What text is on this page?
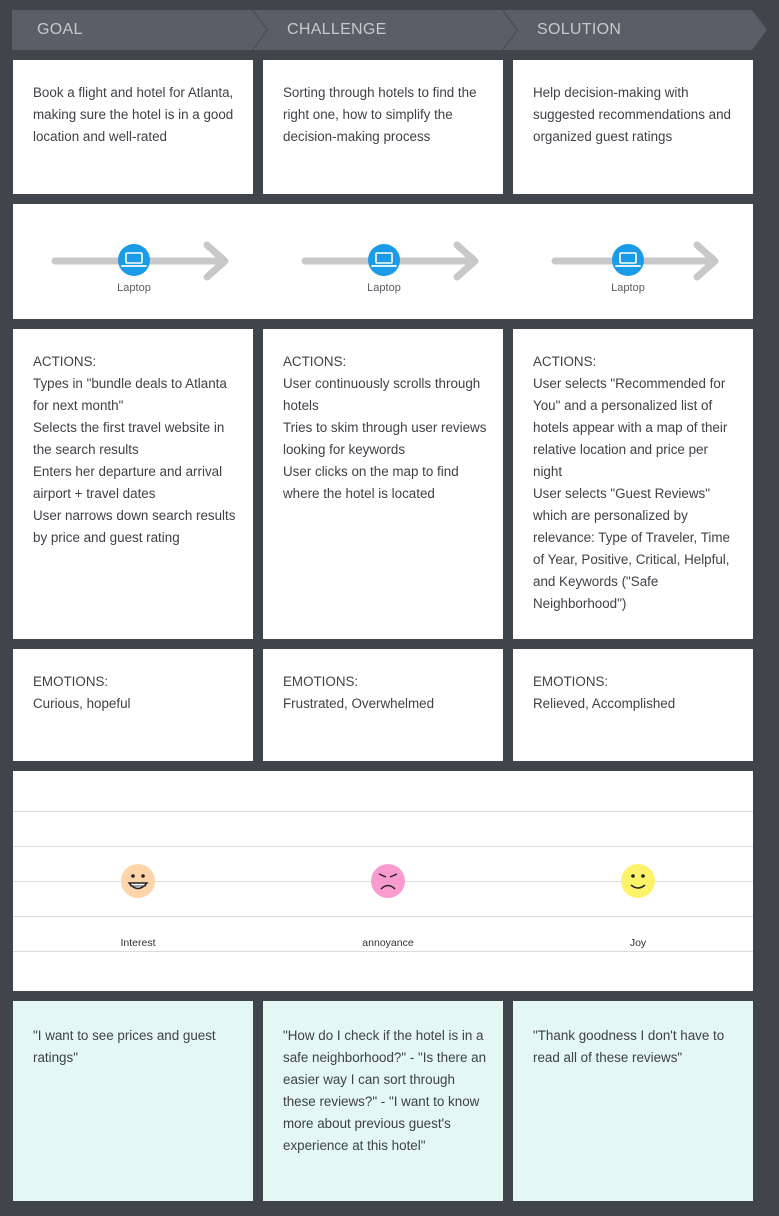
GOAL	CHALLENGE	SOLUTION

Book a flight and hotel for Atlanta, making sure the hotel is in a good location and well-rated

Sorting through hotels to find the right one, how to simplify the decision-making process

Help decision-making with suggested recommendations and organized guest ratings

Laptop	Laptop	Laptop
ACTIONS:

Types in "bundle deals to Atlanta for next month"

Selects the first travel website in the search results

Enters her departure and arrival airport + travel dates

User narrows down search results by price and guest rating

ACTIONS:

User continuously scrolls through hotels

Tries to skim through user reviews looking for keywords

User clicks on the map to find where the hotel is located

ACTIONS:

User selects "Recommended for You" and a personalized list of hotels appear with a map of their relative location and price per night

User selects "Guest Reviews" which are personalized by relevance: Type of Traveler, Time of Year, Positive, Critical, Helpful, and Keywords ("Safe Neighborhood")

EMOTIONS:

Curious, hopeful

EMOTIONS:

Frustrated, Overwhelmed

EMOTIONS:

Relieved, Accomplished

Interest	annoyance	Joy

"I want to see prices and guest ratings"

"How do I check if the hotel is in a safe neighborhood?" - "Is there an easier way I can sort through these reviews?" - "I want to know more about previous guest's experience at this hotel"

"Thank goodness I don't have to read all of these reviews"
